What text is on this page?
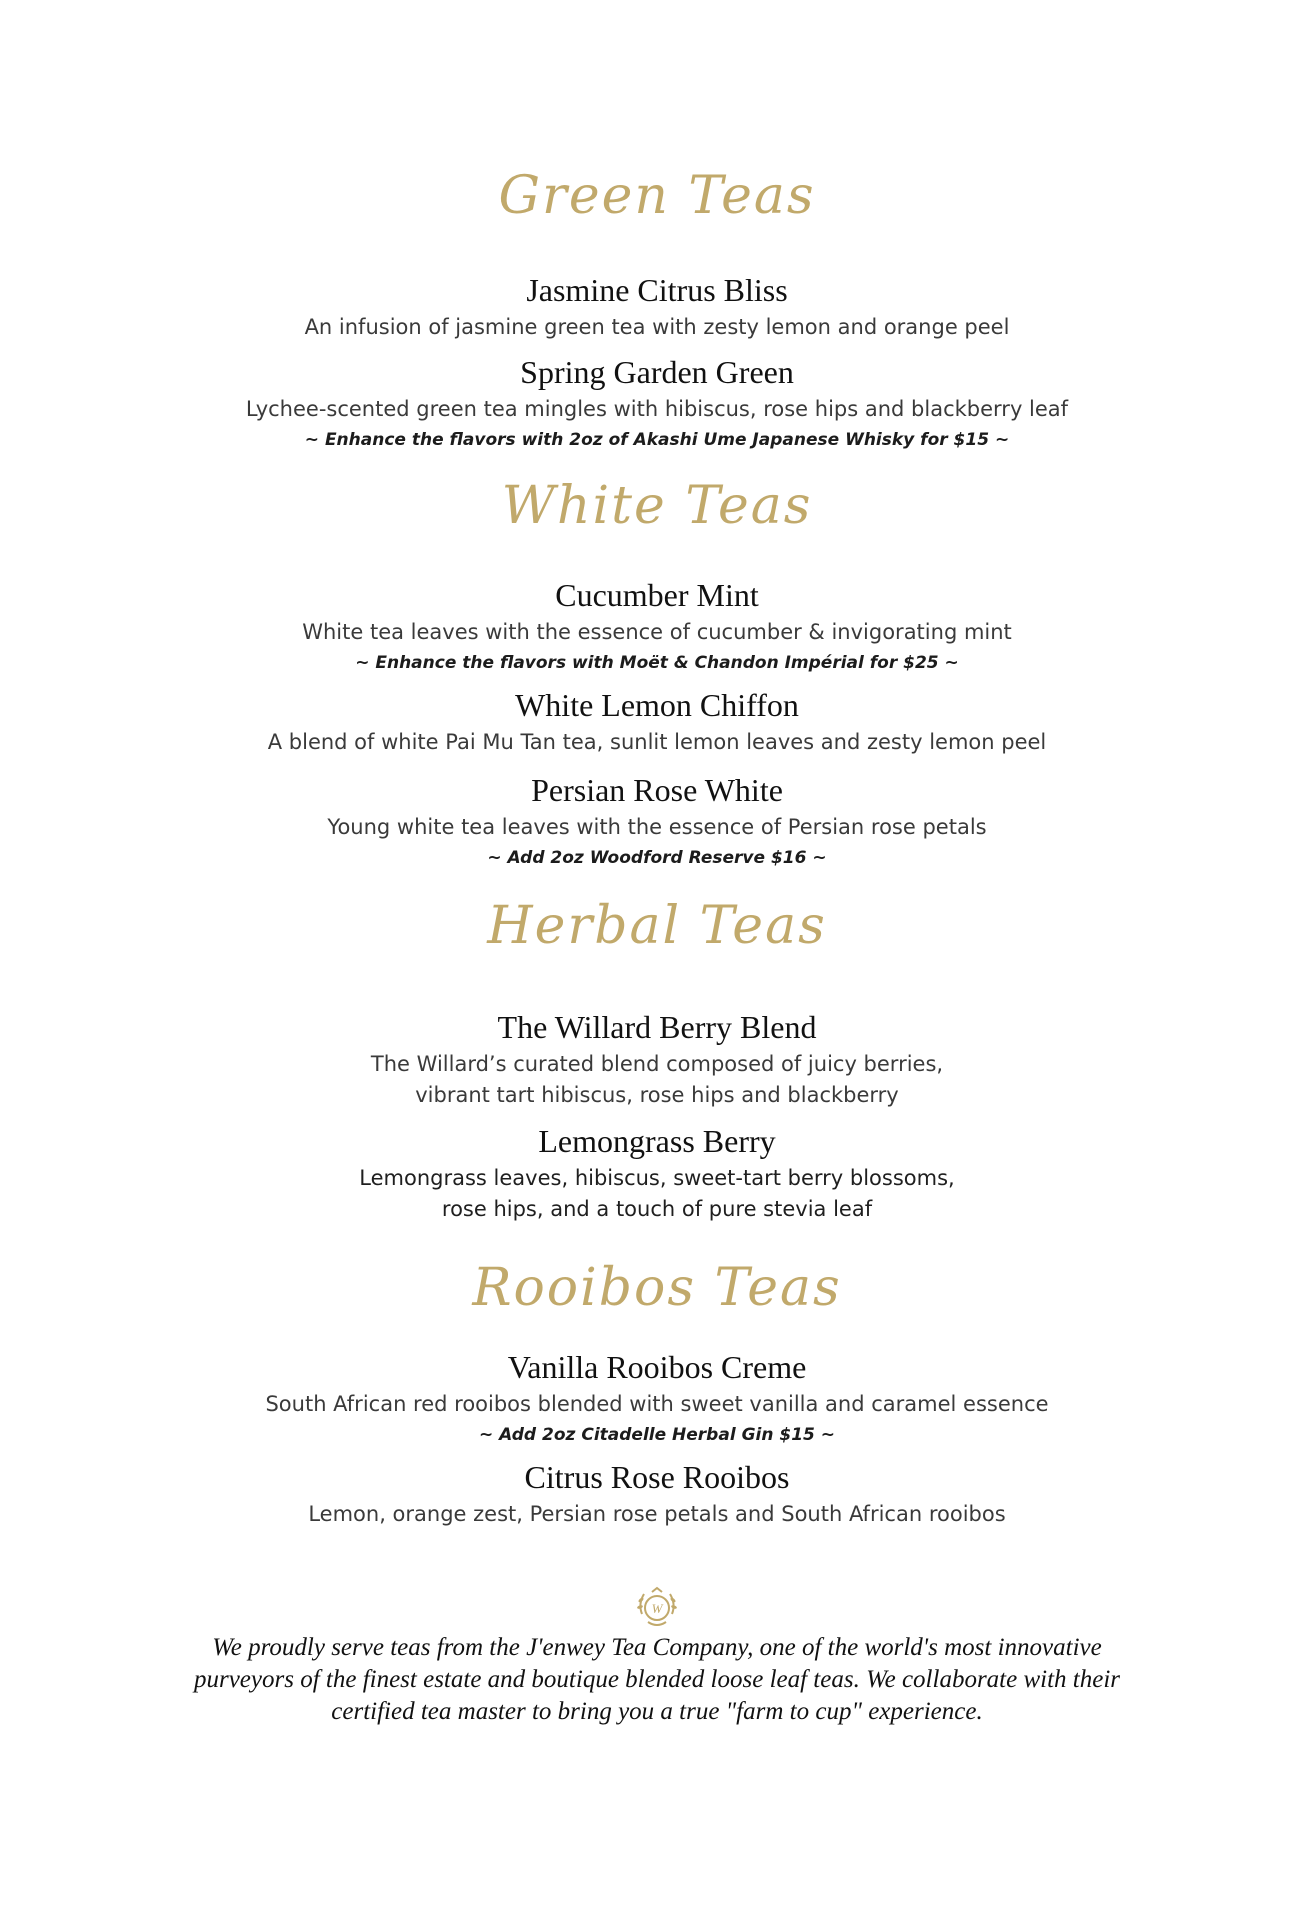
Green Teas

Jasmine Citrus Bliss

An infusion of jasmine green tea with zesty lemon and orange peel

Spring Garden Green

Lychee-scented green tea mingles with hibiscus, rose hips and blackberry leaf

~ Enhance the flavors with 2oz of Akashi Ume Japanese Whisky for $15 ~

White Teas

Cucumber Mint

White tea leaves with the essence of cucumber & invigorating mint

~ Enhance the flavors with Moët & Chandon Impérial for $25 ~

White Lemon Chiffon

A blend of white Pai Mu Tan tea, sunlit lemon leaves and zesty lemon peel

Persian Rose White

Young white tea leaves with the essence of Persian rose petals

~ Add 2oz Woodford Reserve $16 ~

Herbal Teas

The Willard Berry Blend

The Willard’s curated blend composed of juicy berries,

vibrant tart hibiscus, rose hips and blackberry

Lemongrass Berry

Lemongrass leaves, hibiscus, sweet-tart berry blossoms,

rose hips, and a touch of pure stevia leaf

Rooibos Teas

Vanilla Rooibos Creme

South African red rooibos blended with sweet vanilla and caramel essence

~ Add 2oz Citadelle Herbal Gin $15 ~

Citrus Rose Rooibos

Lemon, orange zest, Persian rose petals and South African rooibos

W
We proudly serve teas from the J'enwey Tea Company, one of the world's most innovative
purveyors of the finest estate and boutique blended loose leaf teas. We collaborate with their
certified tea master to bring you a true "farm to cup" experience.
